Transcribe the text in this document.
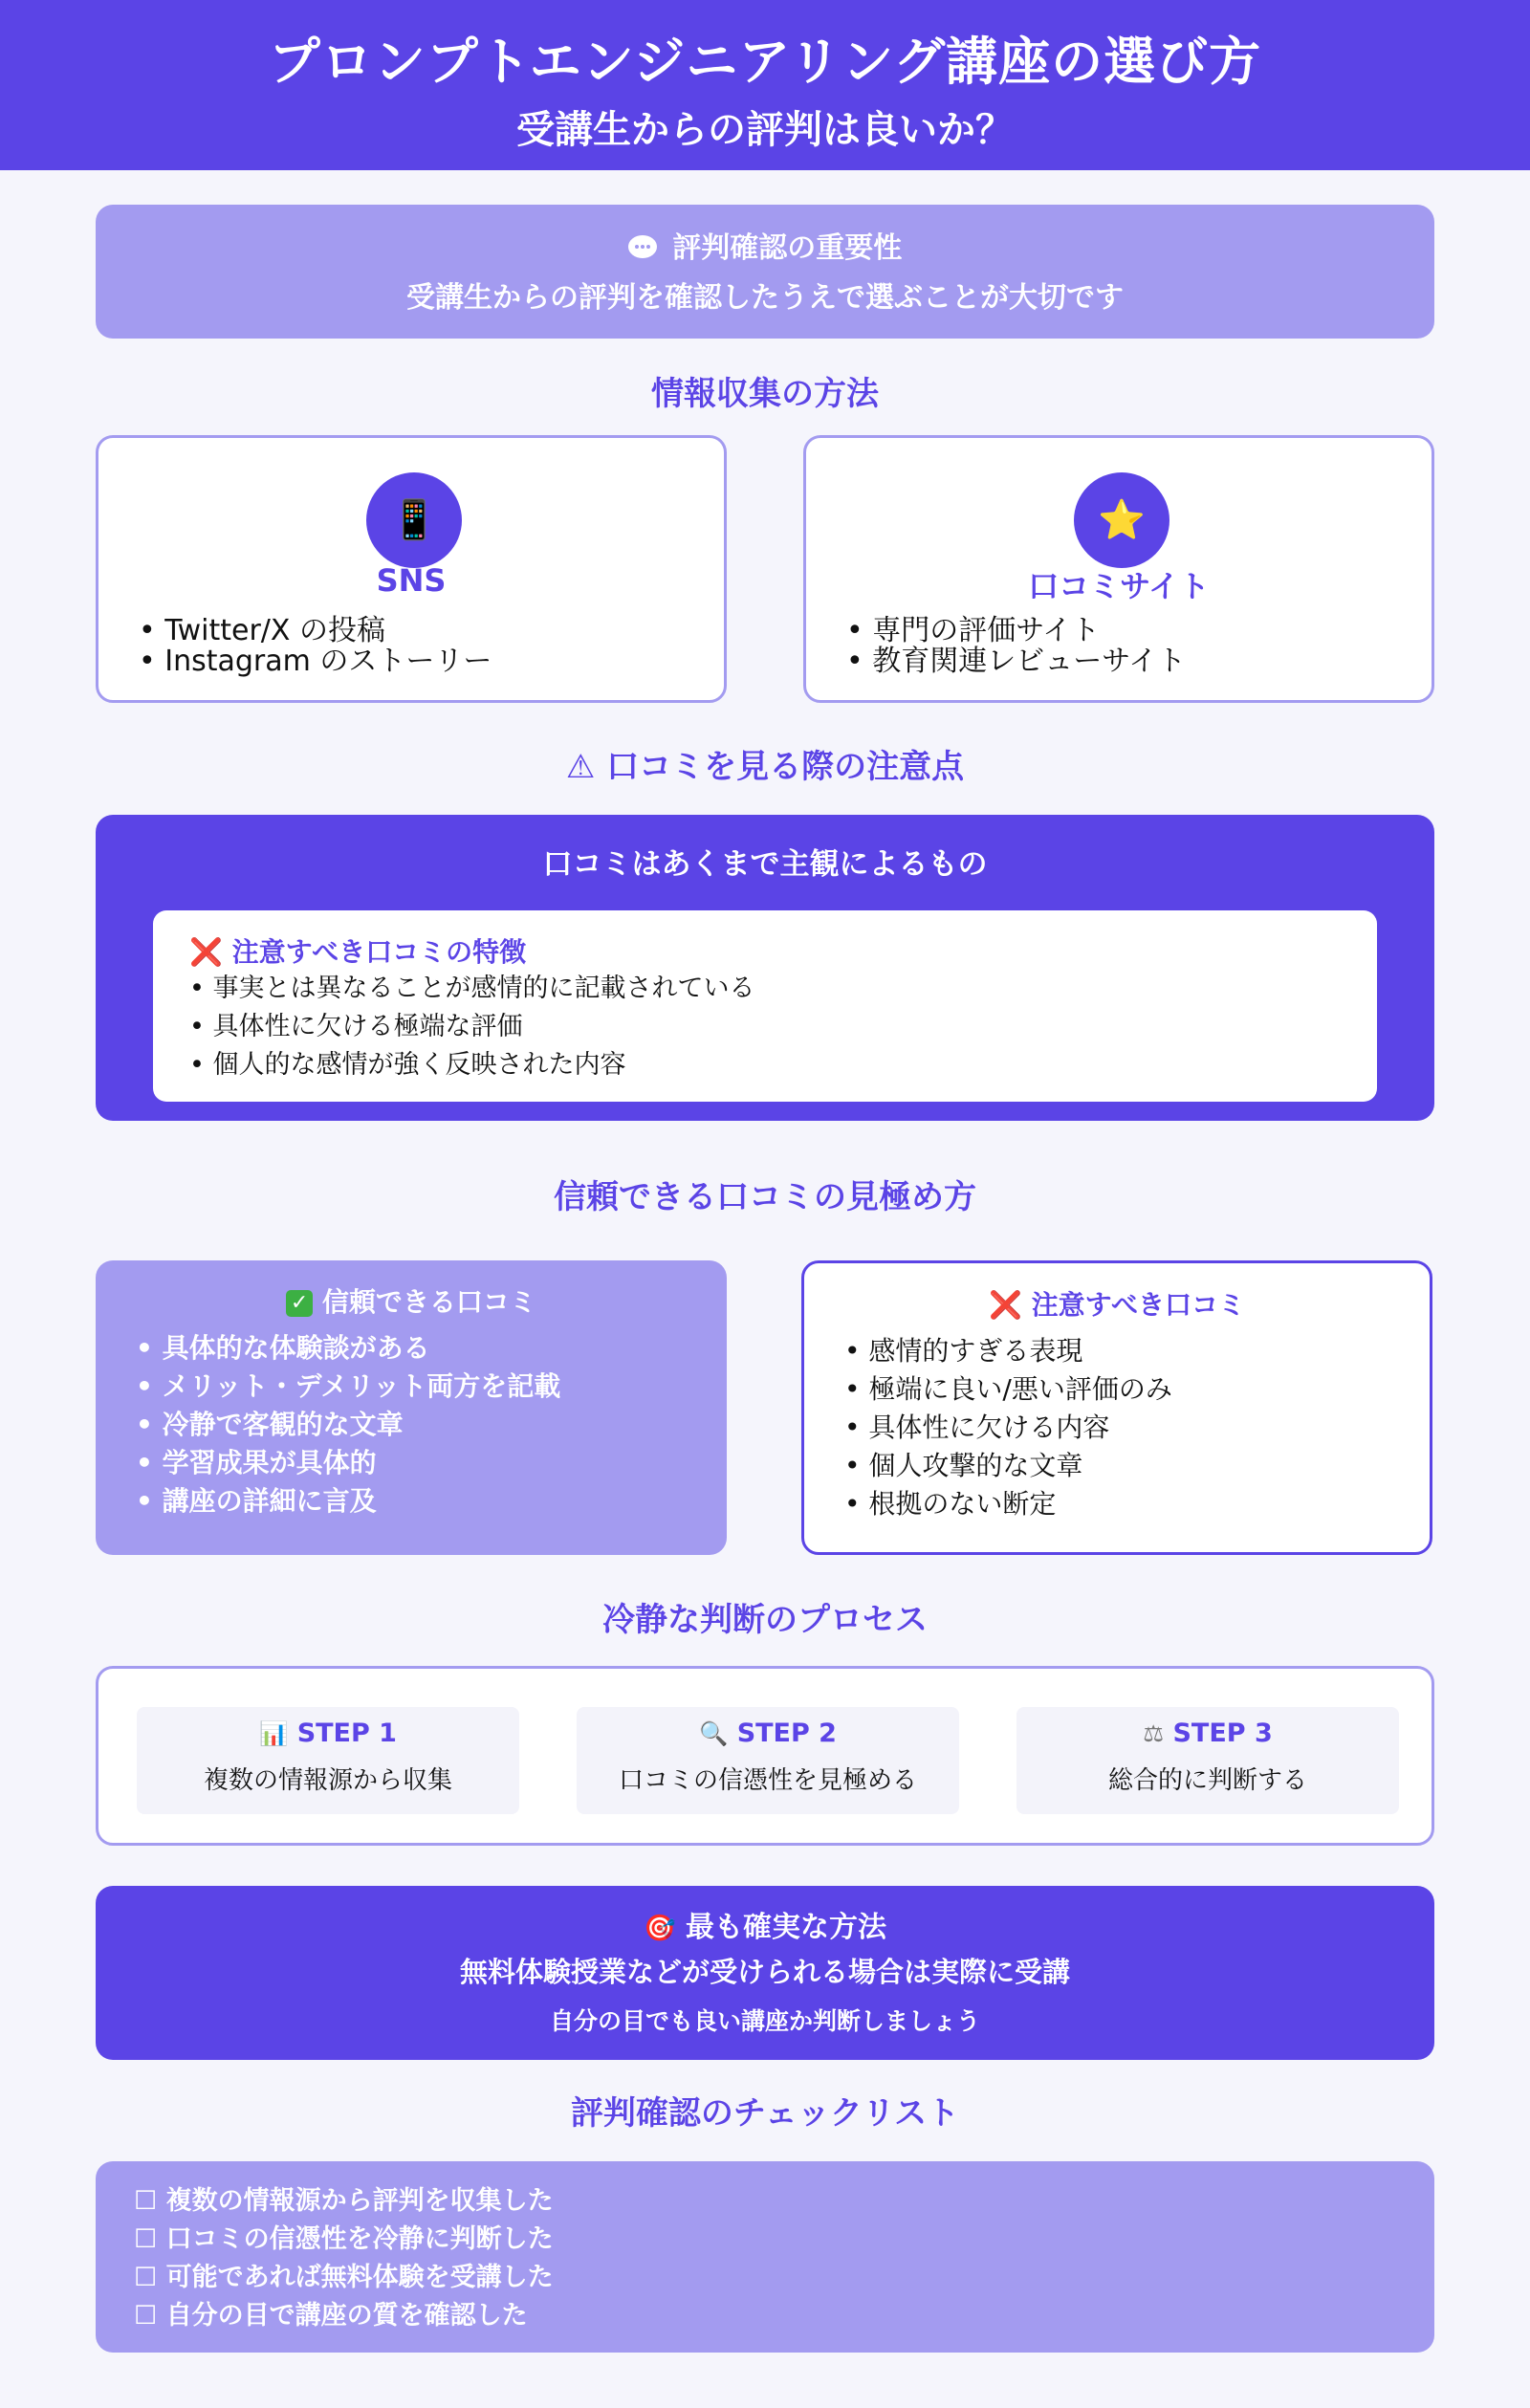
プロンプトエンジニアリング講座の選び方
受講生からの評判は良いか？
評判確認の重要性
受講生からの評判を確認したうえで選ぶことが大切です
情報収集の方法
📱
SNS
• Twitter/X の投稿
• Instagram のストーリー
⭐
口コミサイト
• 専門の評価サイト
• 教育関連レビューサイト
⚠ 口コミを見る際の注意点
口コミはあくまで主観によるもの
❌ 注意すべき口コミの特徴
• 事実とは異なることが感情的に記載されている
• 具体性に欠ける極端な評価
• 個人的な感情が強く反映された内容
信頼できる口コミの見極め方
✓ 信頼できる口コミ
• 具体的な体験談がある
• メリット・デメリット両方を記載
• 冷静で客観的な文章
• 学習成果が具体的
• 講座の詳細に言及
❌ 注意すべき口コミ
• 感情的すぎる表現
• 極端に良い/悪い評価のみ
• 具体性に欠ける内容
• 個人攻撃的な文章
• 根拠のない断定
冷静な判断のプロセス
📊 STEP 1
複数の情報源から収集
🔍 STEP 2
口コミの信憑性を見極める
⚖ STEP 3
総合的に判断する
🎯 最も確実な方法
無料体験授業などが受けられる場合は実際に受講
自分の目でも良い講座か判断しましょう
評判確認のチェックリスト
☐ 複数の情報源から評判を収集した
☐ 口コミの信憑性を冷静に判断した
☐ 可能であれば無料体験を受講した
☐ 自分の目で講座の質を確認した
